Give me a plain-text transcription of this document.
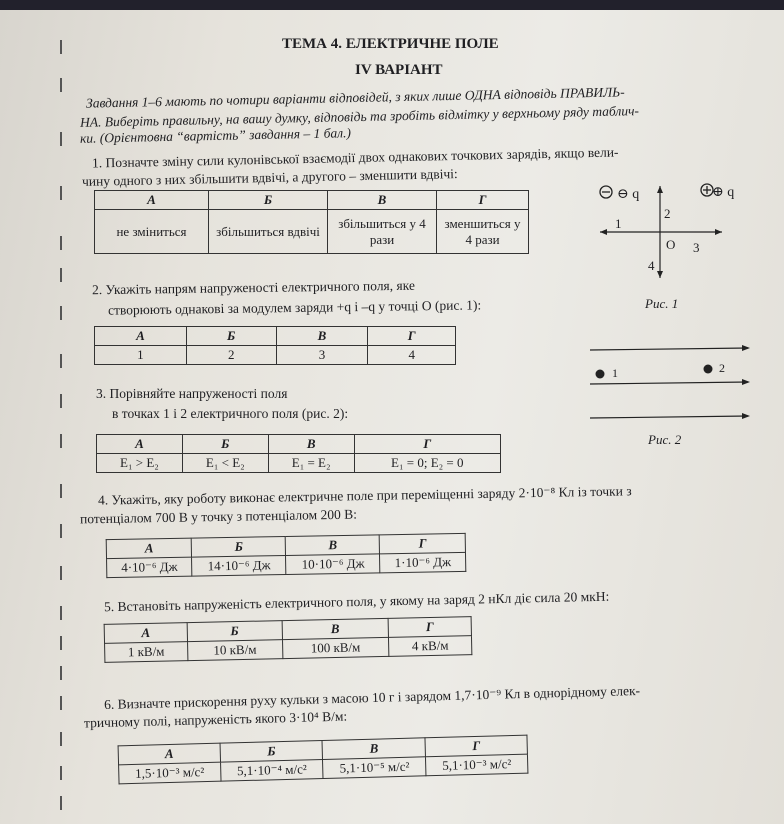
ТЕМА 4. ЕЛЕКТРИЧНЕ ПОЛЕ
IV ВАРІАНТ
Завдання 1–6 мають по чотири варіанти відповідей, з яких лише ОДНА відповідь ПРАВИЛЬ-
НА. Виберіть правильну, на вашу думку, відповідь та зробіть відмітку у верхньому ряду таблич-
ки. (Орієнтовна “вартість” завдання – 1 бал.)
1. Позначте зміну сили кулонівської взаємодії двох однакових точкових зарядів, якщо вели-
чину одного з них збільшити вдвічі, а другого – зменшити вдвічі:
А	Б	В	Г
не зміниться	збільшиться вдвічі	збільшиться у 4 рази	зменшиться у 4 рази
⊖ q	⊕ q
1
2
O 3
4
Рис. 1
2. Укажіть напрям напруженості електричного поля, яке
створюють однакові за модулем заряди +q і –q у точці О (рис. 1):
А	Б	В	Г
1	2	3	4
1	2
Рис. 2
3. Порівняйте напруженості поля
в точках 1 і 2 електричного поля (рис. 2):
А	Б	В	Г
E₁ > E₂	E₁ < E₂	E₁ = E₂	E₁ = 0; E₂ = 0
4. Укажіть, яку роботу виконає електричне поле при переміщенні заряду 2·10⁻⁸ Кл із точки з
потенціалом 700 В у точку з потенціалом 200 В:
А	Б	В	Г
4·10⁻⁶ Дж	14·10⁻⁶ Дж	10·10⁻⁶ Дж	1·10⁻⁶ Дж
5. Встановіть напруженість електричного поля, у якому на заряд 2 нКл діє сила 20 мкН:
А	Б	В	Г
1 кВ/м	10 кВ/м	100 кВ/м	4 кВ/м
6. Визначте прискорення руху кульки з масою 10 г і зарядом 1,7·10⁻⁹ Кл в однорідному елек-
тричному полі, напруженість якого 3·10⁴ В/м:
А	Б	В	Г
1,5·10⁻³ м/с²	5,1·10⁻⁴ м/с²	5,1·10⁻⁵ м/с²	5,1·10⁻³ м/с²
